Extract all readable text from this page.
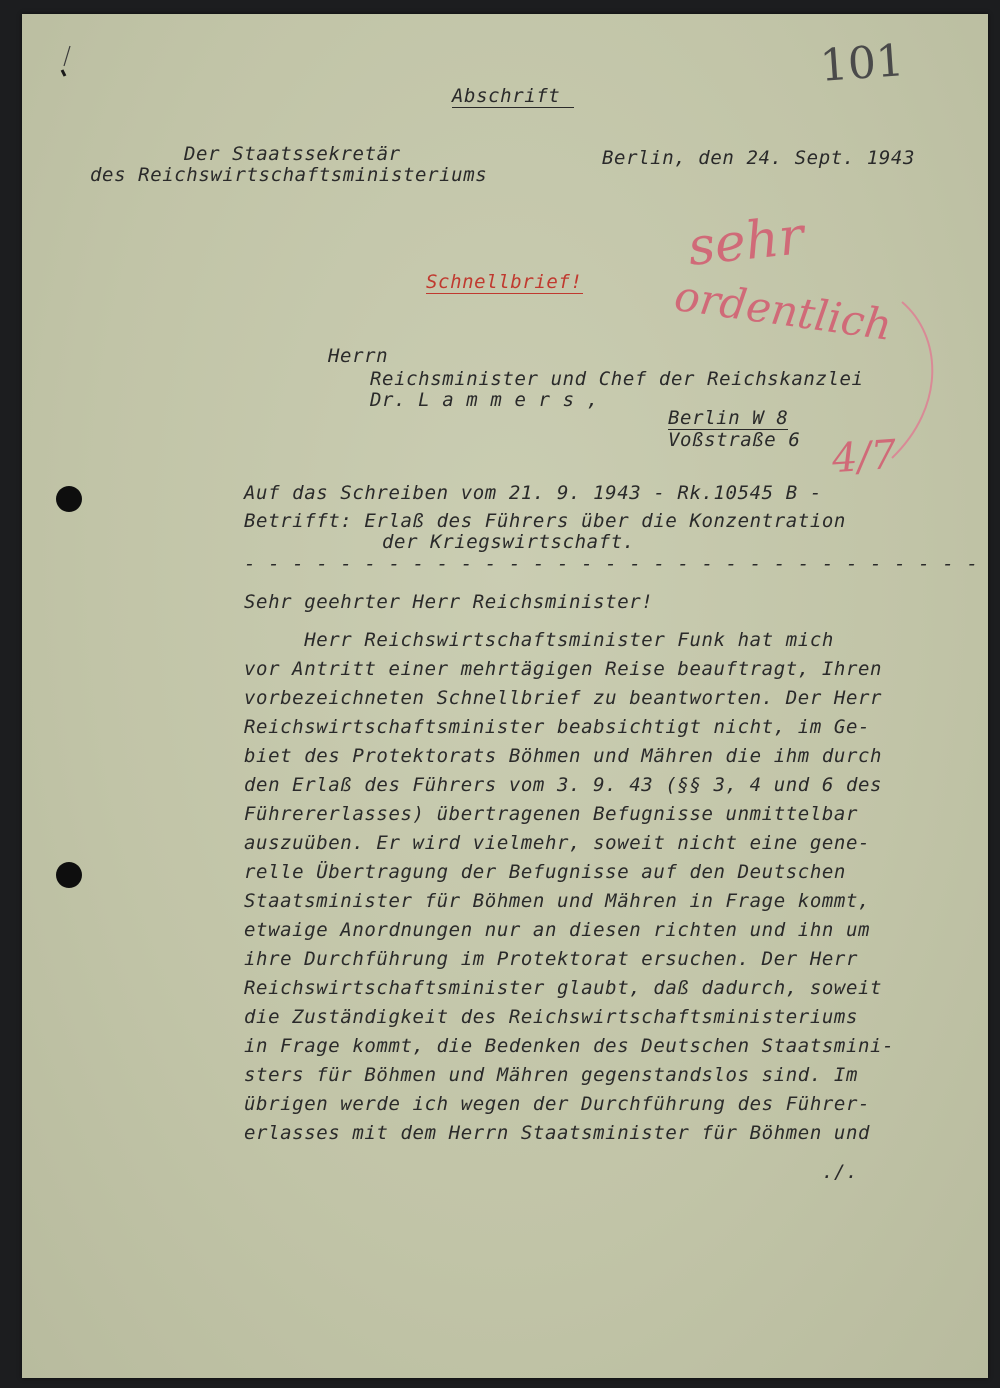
101
Abschrift
Der Staatssekretär
des Reichswirtschaftsministeriums
Berlin, den 24. Sept. 1943
Schnellbrief!
sehr
ordentlich
4/7
Herrn
Reichsminister und Chef der Reichskanzlei
Dr. L a m m e r s ,
Berlin W 8
Voßstraße 6
Auf das Schreiben vom 21. 9. 1943 - Rk.10545 B -
Betrifft: Erlaß des Führers über die Konzentration
der Kriegswirtschaft.
- - - - - - - - - - - - - - - - - - - - - - - - - - - - - - -
Sehr geehrter Herr Reichsminister!
Herr Reichswirtschaftsminister Funk hat mich
vor Antritt einer mehrtägigen Reise beauftragt, Ihren
vorbezeichneten Schnellbrief zu beantworten. Der Herr
Reichswirtschaftsminister beabsichtigt nicht, im Ge-
biet des Protektorats Böhmen und Mähren die ihm durch
den Erlaß des Führers vom 3. 9. 43 (§§ 3, 4 und 6 des
Führererlasses) übertragenen Befugnisse unmittelbar
auszuüben. Er wird vielmehr, soweit nicht eine gene-
relle Übertragung der Befugnisse auf den Deutschen
Staatsminister für Böhmen und Mähren in Frage kommt,
etwaige Anordnungen nur an diesen richten und ihn um
ihre Durchführung im Protektorat ersuchen. Der Herr
Reichswirtschaftsminister glaubt, daß dadurch, soweit
die Zuständigkeit des Reichswirtschaftsministeriums
in Frage kommt, die Bedenken des Deutschen Staatsmini-
sters für Böhmen und Mähren gegenstandslos sind. Im
übrigen werde ich wegen der Durchführung des Führer-
erlasses mit dem Herrn Staatsminister für Böhmen und
./.
